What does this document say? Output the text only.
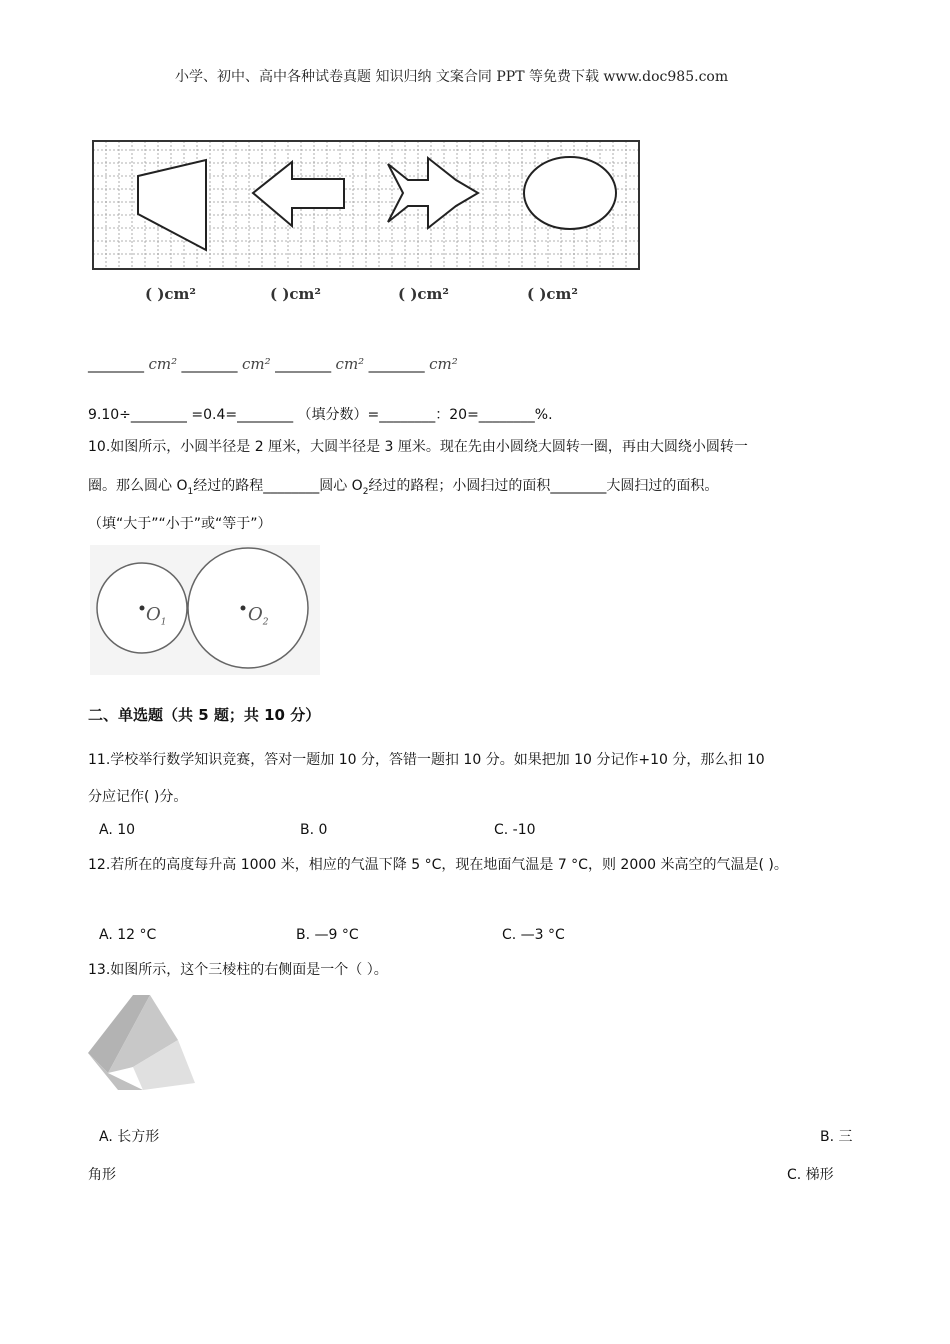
小学、初中、高中各种试卷真题 知识归纳 文案合同 PPT 等免费下载 www.doc985.com
( )cm²	( )cm²	( )cm²	( )cm²
________ cm² ________ cm² ________ cm² ________ cm²
9.10÷________ =0.4=________ （填分数）=________：20=________%.
10.如图所示，小圆半径是 2 厘米，大圆半径是 3 厘米。现在先由小圆绕大圆转一圈，再由大圆绕小圆转一
圈。那么圆心 $O_1$经过的路程________圆心 $O_2$经过的路程；小圆扫过的面积________大圆扫过的面积。
（填“大于”“小于”或“等于”）
$O_1$	$O_2$
二、单选题（共 5 题；共 10 分）
11.学校举行数学知识竞赛，答对一题加 10 分，答错一题扣 10 分。如果把加 10 分记作+10 分，那么扣 10
分应记作( )分。
A. 10	B. 0	C. -10
12.若所在的高度每升高 1000 米，相应的气温下降 5 °C，现在地面气温是 7 °C，则 2000 米高空的气温是( )。
A. 12 °C	B. —9 °C	C. —3 °C
13.如图所示，这个三棱柱的右侧面是一个（ ）。
A. 长方形	B. 三
角形	C. 梯形
